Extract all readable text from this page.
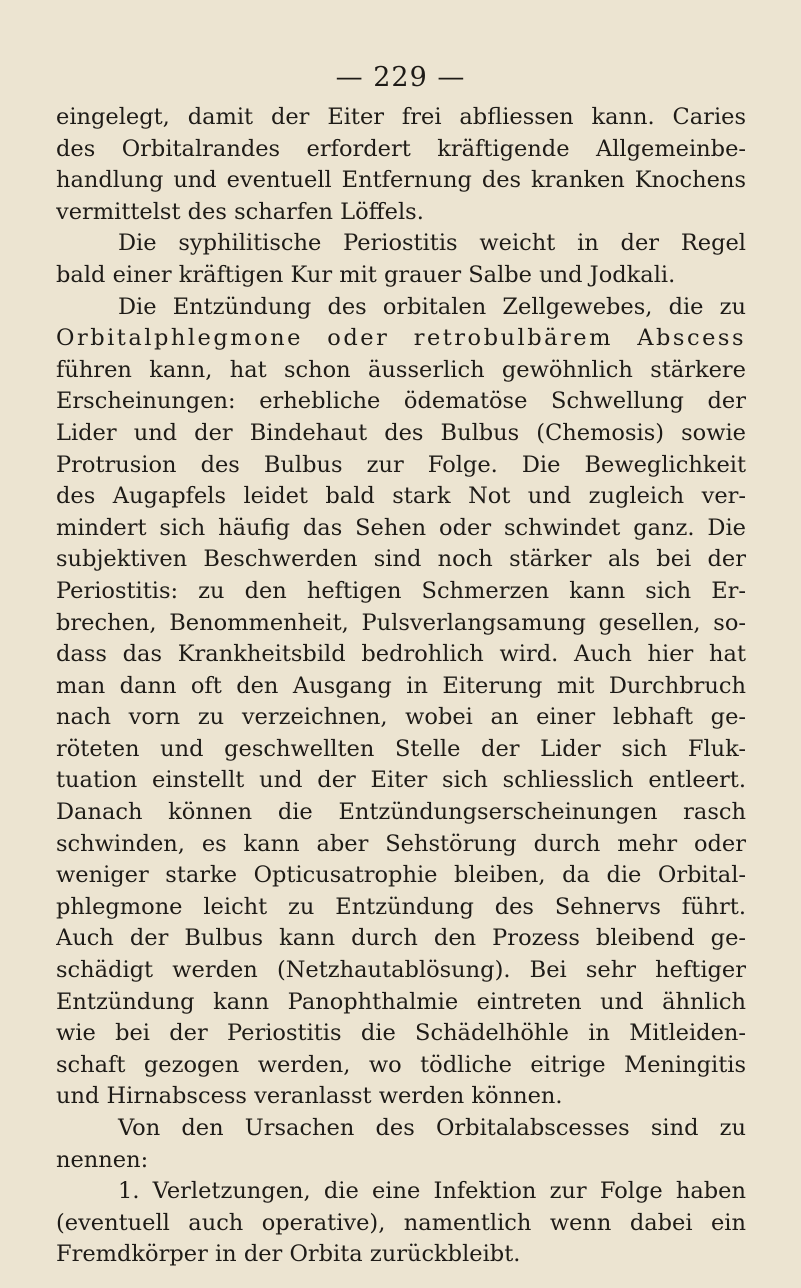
— 229 —
eingelegt, damit der Eiter frei abfliessen kann. Caries
des Orbitalrandes erfordert kräftigende Allgemeinbe-
handlung und eventuell Entfernung des kranken Knochens
vermittelst des scharfen Löffels.
Die syphilitische Periostitis weicht in der Regel
bald einer kräftigen Kur mit grauer Salbe und Jodkali.
Die Entzündung des orbitalen Zellgewebes, die zu
Orbitalphlegmone oder retrobulbärem Abscess
führen kann, hat schon äusserlich gewöhnlich stärkere
Erscheinungen: erhebliche ödematöse Schwellung der
Lider und der Bindehaut des Bulbus (Chemosis) sowie
Protrusion des Bulbus zur Folge. Die Beweglichkeit
des Augapfels leidet bald stark Not und zugleich ver-
mindert sich häufig das Sehen oder schwindet ganz. Die
subjektiven Beschwerden sind noch stärker als bei der
Periostitis: zu den heftigen Schmerzen kann sich Er-
brechen, Benommenheit, Pulsverlangsamung gesellen, so-
dass das Krankheitsbild bedrohlich wird. Auch hier hat
man dann oft den Ausgang in Eiterung mit Durchbruch
nach vorn zu verzeichnen, wobei an einer lebhaft ge-
röteten und geschwellten Stelle der Lider sich Fluk-
tuation einstellt und der Eiter sich schliesslich entleert.
Danach können die Entzündungserscheinungen rasch
schwinden, es kann aber Sehstörung durch mehr oder
weniger starke Opticusatrophie bleiben, da die Orbital-
phlegmone leicht zu Entzündung des Sehnervs führt.
Auch der Bulbus kann durch den Prozess bleibend ge-
schädigt werden (Netzhautablösung). Bei sehr heftiger
Entzündung kann Panophthalmie eintreten und ähnlich
wie bei der Periostitis die Schädelhöhle in Mitleiden-
schaft gezogen werden, wo tödliche eitrige Meningitis
und Hirnabscess veranlasst werden können.
Von den Ursachen des Orbitalabscesses sind zu
nennen:
1. Verletzungen, die eine Infektion zur Folge haben
(eventuell auch operative), namentlich wenn dabei ein
Fremdkörper in der Orbita zurückbleibt.
